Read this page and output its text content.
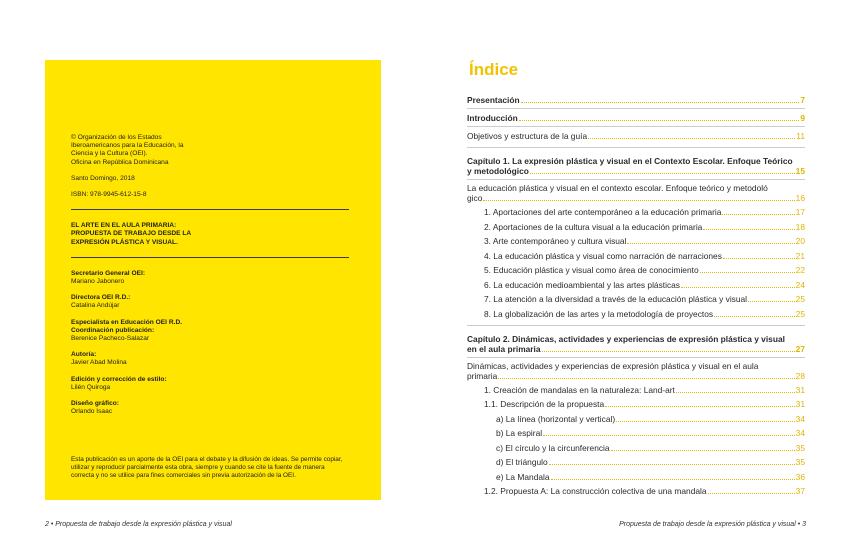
© Organización de los Estados
Iberoamericanos para la Educación, la
Ciencia y la Cultura (OEI).
Oficina en República Dominicana
Santo Domingo, 2018
ISBN: 978-9945-612-15-8
EL ARTE EN EL AULA PRIMARIA:
PROPUESTA DE TRABAJO DESDE LA
EXPRESIÓN PLÁSTICA Y VISUAL.
Secretario General OEI:
Mariano Jabonero
Directora OEI R.D.:
Catalina Andújar
Especialista en Educación OEI R.D.
Coordinación publicación:
Berenice Pacheco-Salazar
Autoría:
Javier Abad Molina
Edición y corrección de estilo:
Lilén Quiroga
Diseño gráfico:
Orlando Isaac
Esta publicación es un aporte de la OEI para el debate y la difusión de ideas. Se permite copiar, utilizar y reproducir parcialmente esta obra, siempre y cuando se cite la fuente de manera correcta y no se utilice para fines comerciales sin previa autorización de la OEI.
2 • Propuesta de trabajo desde la expresión plástica y visual	Propuesta de trabajo desde la expresión plástica y visual • 3
Índice
Presentación	7
Introducción	9
Objetivos y estructura de la guía	11
Capítulo 1. La expresión plástica y visual en el Contexto Escolar. Enfoque Teórico
y metodológico	15
La educación plástica y visual en el contexto escolar. Enfoque teórico y metodoló
gico	16
1. Aportaciones del arte contemporáneo a la educación primaria	17
2. Aportaciones de la cultura visual a la educación primaria	18
3. Arte contemporáneo y cultura visual	20
4. La educación plástica y visual como narración de narraciones	21
5. Educación plástica y visual como área de conocimiento	22
6. La educación medioambiental y las artes plásticas	24
7. La atención a la diversidad a través de la educación plástica y visual	25
8. La globalización de las artes y la metodología de proyectos	25
Capítulo 2. Dinámicas, actividades y experiencias de expresión plástica y visual
en el aula primaria	27
Dinámicas, actividades y experiencias de expresión plástica y visual en el aula
primaria	28
1. Creación de mandalas en la naturaleza: Land-art	31
1.1. Descripción de la propuesta	31
a) La línea (horizontal y vertical)	34
b) La espiral	34
c) El círculo y la circunferencia	35
d) El triángulo	35
e) La Mandala	36
1.2. Propuesta A: La construcción colectiva de una mandala	37
